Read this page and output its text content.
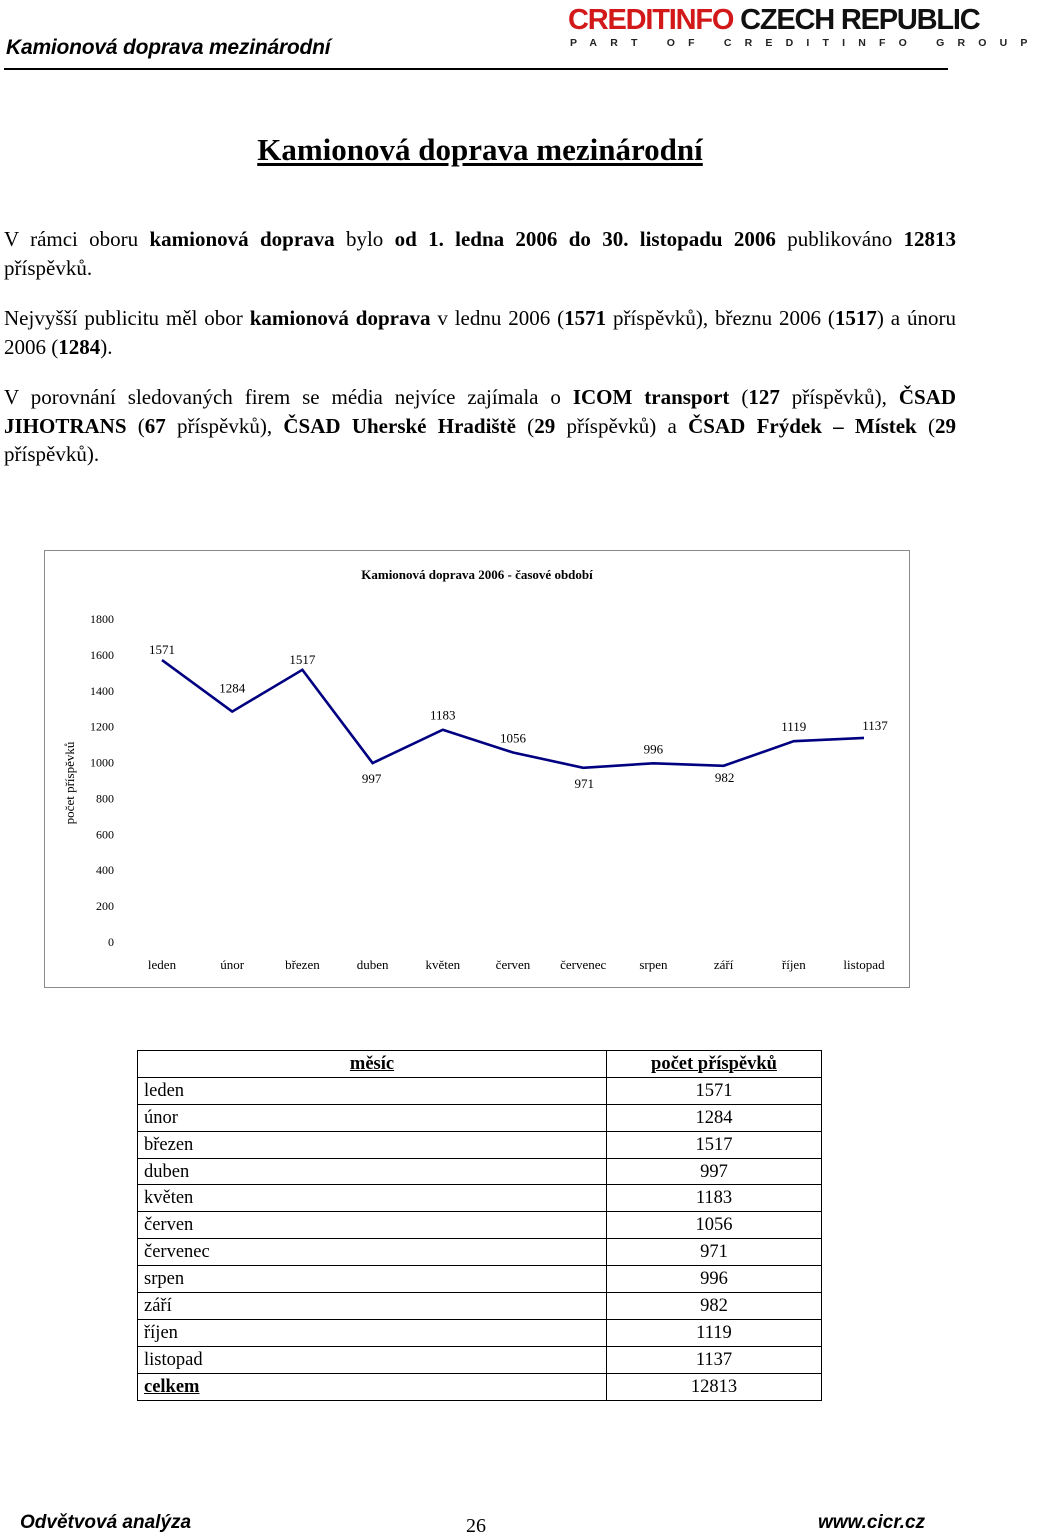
Kamionová doprava mezinárodní
CREDITINFO CZECH REPUBLIC
PART OF CREDITINFO GROUP
Kamionová doprava mezinárodní
V rámci oboru kamionová doprava bylo od 1. ledna 2006 do 30. listopadu 2006 publikováno 12813 příspěvků.
Nejvyšší publicitu měl obor kamionová doprava v lednu 2006 (1571 příspěvků), březnu 2006 (1517) a únoru 2006 (1284).
V porovnání sledovaných firem se média nejvíce zajímala o ICOM transport (127 příspěvků), ČSAD JIHOTRANS (67 příspěvků), ČSAD Uherské Hradiště (29 příspěvků) a ČSAD Frýdek – Místek (29 příspěvků).
Kamionová doprava 2006 - časové období
počet příspěvků
0
200
400
600
800
1000
1200
1400
1600
1800
leden	únor	březen	duben	květen	červen červenec	srpen	září	říjen	listopad
1571
1284
1517
997
1183
1056
971
996
982
1119	1137
měsíc	počet příspěvků
leden	1571
únor	1284
březen	1517
duben	997
květen	1183
červen	1056
červenec	971
srpen	996
září	982
říjen	1119
listopad	1137
celkem	12813
Odvětvová analýza	26	www.cicr.cz
